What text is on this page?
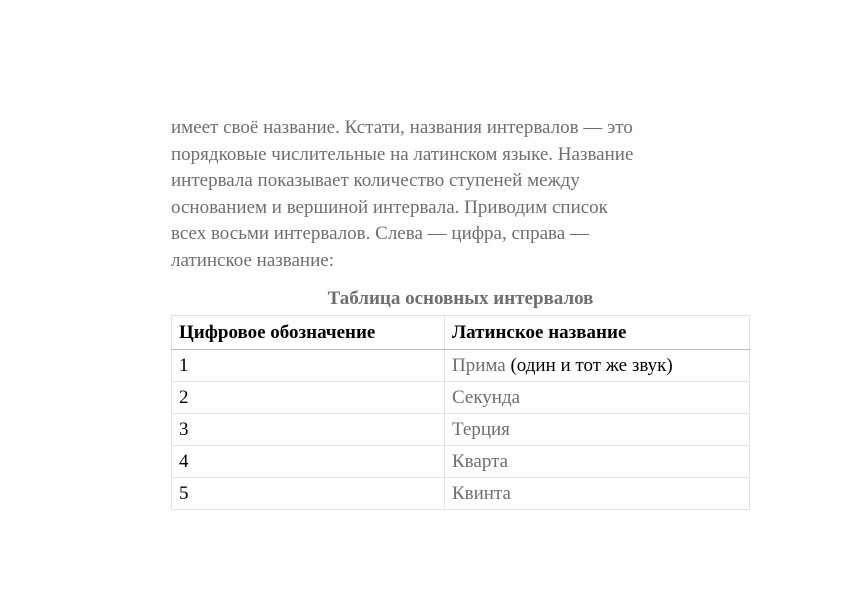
имеет своё название. Кстати, названия интервалов — это
порядковые числительные на латинском языке. Название
интервала показывает количество ступеней между
основанием и вершиной интервала. Приводим список
всех восьми интервалов. Слева — цифра, справа —
латинское название:

Таблица основных интервалов
Цифровое обозначение	Латинское название
1	Прима (один и тот же звук)
2	Секунда
3	Терция
4	Кварта
5	Квинта
